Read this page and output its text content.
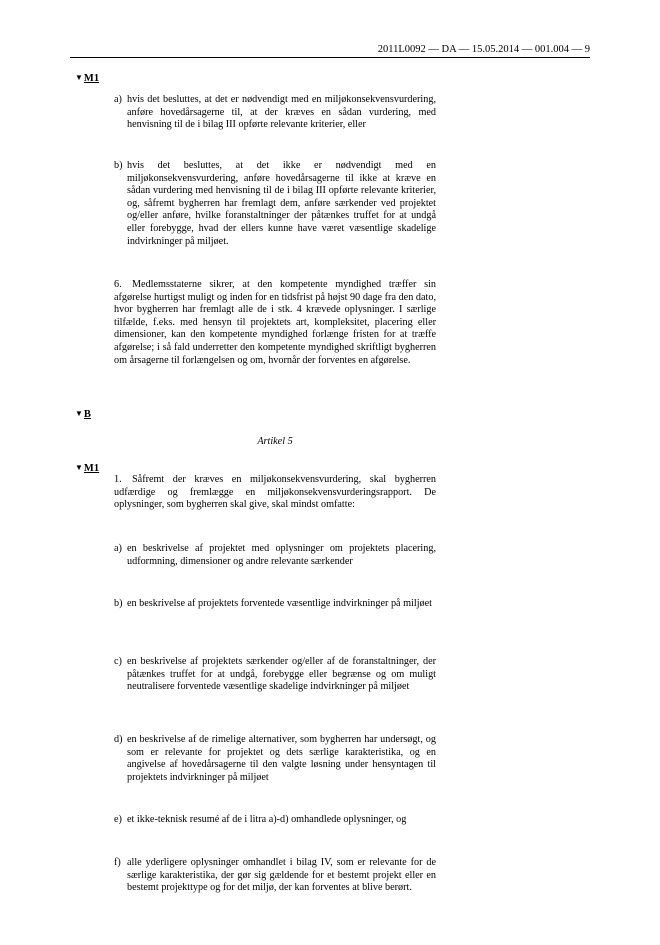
2011L0092 — DA — 15.05.2014 — 001.004 — 9
▼M1
a) hvis det besluttes, at det er nødvendigt med en miljøkonsekvensvurdering, anføre hovedårsagerne til, at der kræves en sådan vurdering, med henvisning til de i bilag III opførte relevante kriterier, eller
b) hvis det besluttes, at det ikke er nødvendigt med en miljøkonsekvensvurdering, anføre hovedårsagerne til ikke at kræve en sådan vurdering med henvisning til de i bilag III opførte relevante kriterier, og, såfremt bygherren har fremlagt dem, anføre særkender ved projektet og/eller anføre, hvilke foranstaltninger der påtænkes truffet for at undgå eller forebygge, hvad der ellers kunne have været væsentlige skadelige indvirkninger på miljøet.
6. Medlemsstaterne sikrer, at den kompetente myndighed træffer sin afgørelse hurtigst muligt og inden for en tidsfrist på højst 90 dage fra den dato, hvor bygherren har fremlagt alle de i stk. 4 krævede oplysninger. I særlige tilfælde, f.eks. med hensyn til projektets art, kompleksitet, placering eller dimensioner, kan den kompetente myndighed forlænge fristen for at træffe afgørelse; i så fald underretter den kompetente myndighed skriftligt bygherren om årsagerne til forlængelsen og om, hvornår der forventes en afgørelse.
▼B
Artikel 5
▼M1
1. Såfremt der kræves en miljøkonsekvensvurdering, skal bygherren udfærdige og fremlægge en miljøkonsekvensvurderingsrapport. De oplysninger, som bygherren skal give, skal mindst omfatte:
a) en beskrivelse af projektet med oplysninger om projektets placering, udformning, dimensioner og andre relevante særkender
b) en beskrivelse af projektets forventede væsentlige indvirkninger på miljøet
c) en beskrivelse af projektets særkender og/eller af de foranstaltninger, der påtænkes truffet for at undgå, forebygge eller begrænse og om muligt neutralisere forventede væsentlige skadelige indvirkninger på miljøet
d) en beskrivelse af de rimelige alternativer, som bygherren har undersøgt, og som er relevante for projektet og dets særlige karakteristika, og en angivelse af hovedårsagerne til den valgte løsning under hensyntagen til projektets indvirkninger på miljøet
e) et ikke-teknisk resumé af de i litra a)-d) omhandlede oplysninger, og
f) alle yderligere oplysninger omhandlet i bilag IV, som er relevante for de særlige karakteristika, der gør sig gældende for et bestemt projekt eller en bestemt projekttype og for det miljø, der kan forventes at blive berørt.
